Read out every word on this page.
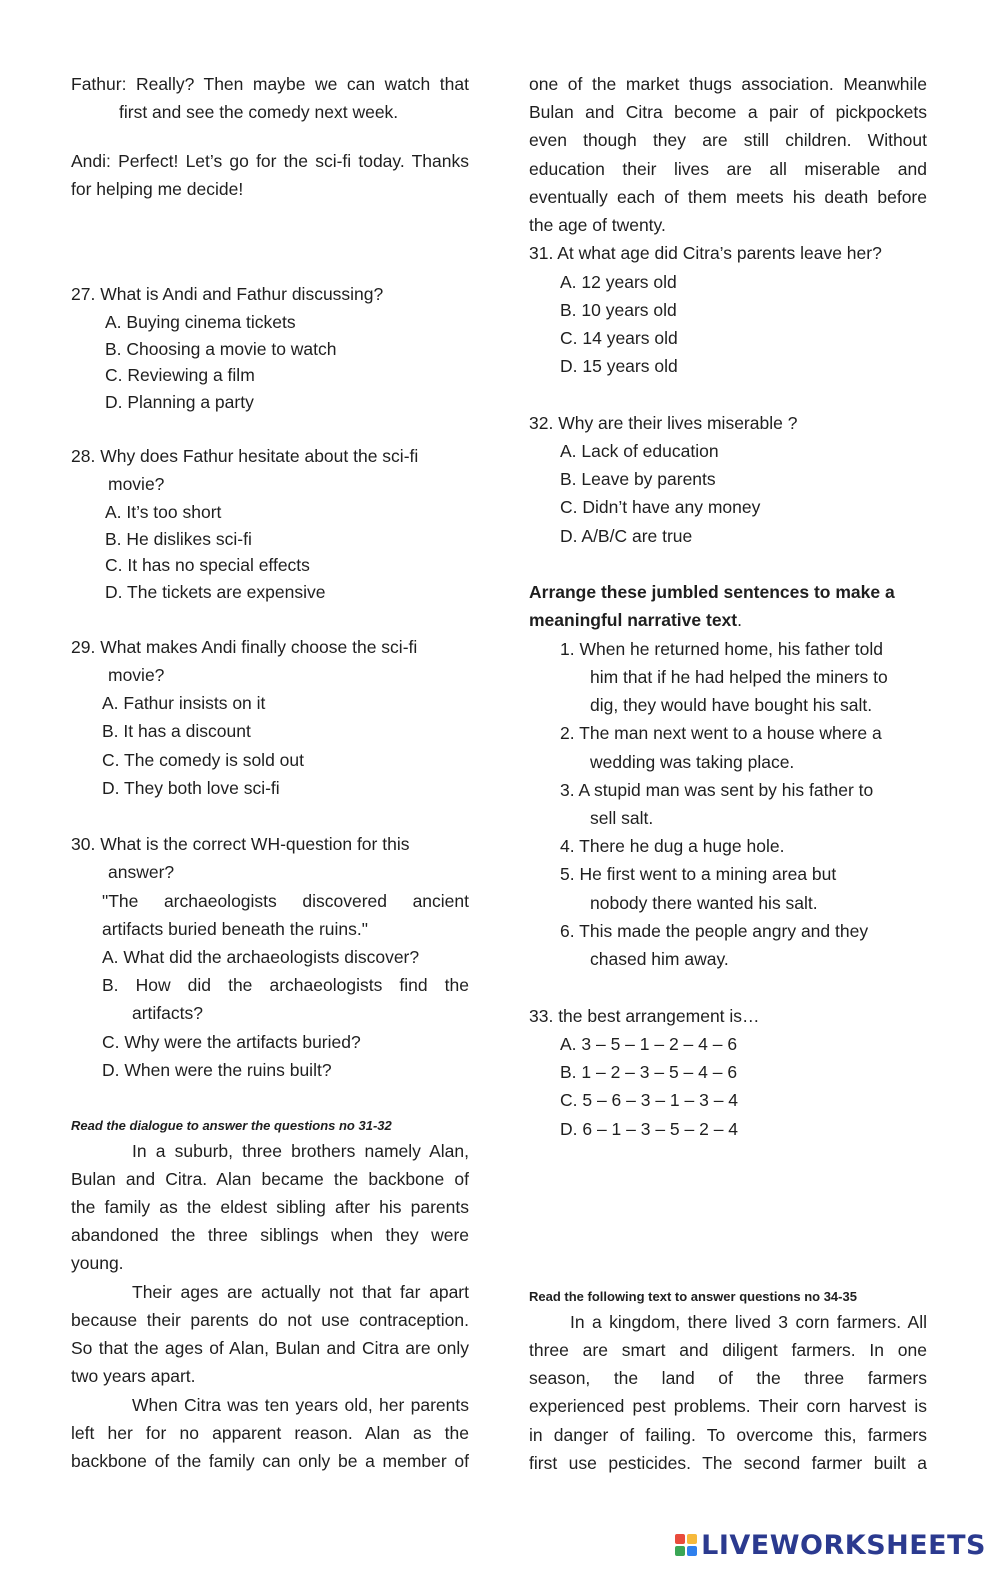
Fathur: Really? Then maybe we can watch that
first and see the comedy next week.
Andi: Perfect! Let’s go for the sci-fi today. Thanks
for helping me decide!
27. What is Andi and Fathur discussing?
A. Buying cinema tickets
B. Choosing a movie to watch
C. Reviewing a film
D. Planning a party
28. Why does Fathur hesitate about the sci-fi
movie?
A. It’s too short
B. He dislikes sci-fi
C. It has no special effects
D. The tickets are expensive
29. What makes Andi finally choose the sci-fi
movie?
A. Fathur insists on it
B. It has a discount
C. The comedy is sold out
D. They both love sci-fi
30. What is the correct WH-question for this
answer?
"The archaeologists discovered ancient
artifacts buried beneath the ruins."
A. What did the archaeologists discover?
B. How did the archaeologists find the
artifacts?
C. Why were the artifacts buried?
D. When were the ruins built?
Read the dialogue to answer the questions no 31-32
In a suburb, three brothers namely Alan,
Bulan and Citra. Alan became the backbone of
the family as the eldest sibling after his parents
abandoned the three siblings when they were
young.
Their ages are actually not that far apart
because their parents do not use contraception.
So that the ages of Alan, Bulan and Citra are only
two years apart.
When Citra was ten years old, her parents
left her for no apparent reason. Alan as the
backbone of the family can only be a member of
one of the market thugs association. Meanwhile
Bulan and Citra become a pair of pickpockets
even though they are still children. Without
education their lives are all miserable and
eventually each of them meets his death before
the age of twenty.
31. At what age did Citra’s parents leave her?
A. 12 years old
B. 10 years old
C. 14 years old
D. 15 years old
32. Why are their lives miserable ?
A. Lack of education
B. Leave by parents
C. Didn’t have any money
D. A/B/C are true
Arrange these jumbled sentences to make a
meaningful narrative text.
1. When he returned home, his father told
him that if he had helped the miners to
dig, they would have bought his salt.
2. The man next went to a house where a
wedding was taking place.
3. A stupid man was sent by his father to
sell salt.
4. There he dug a huge hole.
5. He first went to a mining area but
nobody there wanted his salt.
6. This made the people angry and they
chased him away.
33. the best arrangement is…
A. 3 – 5 – 1 – 2 – 4 – 6
B. 1 – 2 – 3 – 5 – 4 – 6
C. 5 – 6 – 3 – 1 – 3 – 4
D. 6 – 1 – 3 – 5 – 2 – 4
Read the following text to answer questions no 34-35
In a kingdom, there lived 3 corn farmers. All
three are smart and diligent farmers. In one
season, the land of the three farmers
experienced pest problems. Their corn harvest is
in danger of failing. To overcome this, farmers
first use pesticides. The second farmer built a
LIVEWORKSHEETS
